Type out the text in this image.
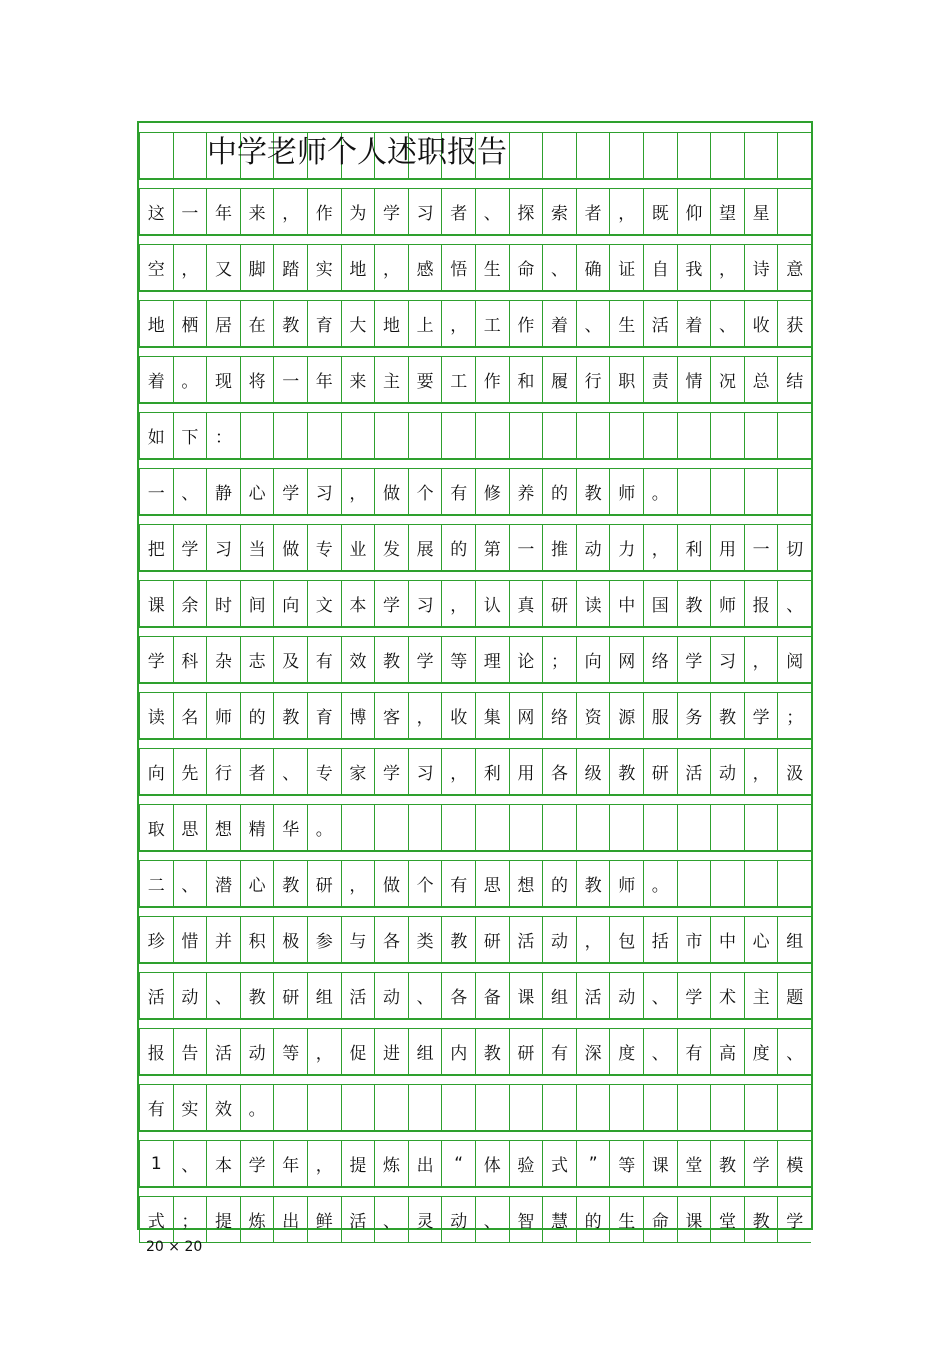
中学老师个人述职报告
这 一 年 来 ， 作 为 学 习 者 、 探 索 者 ， 既 仰 望 星
空 ， 又 脚 踏 实 地 ， 感 悟 生 命 、 确 证 自 我 ， 诗 意
地 栖 居 在 教 育 大 地 上 ， 工 作 着 、 生 活 着 、 收 获
着 。 现 将 一 年 来 主 要 工 作 和 履 行 职 责 情 况 总 结
如 下 ：
一 、 静 心 学 习 ， 做 个 有 修 养 的 教 师 。
把 学 习 当 做 专 业 发 展 的 第 一 推 动 力 ， 利 用 一 切
课 余 时 间 向 文 本 学 习 ， 认 真 研 读 中 国 教 师 报 、
学 科 杂 志 及 有 效 教 学 等 理 论 ； 向 网 络 学 习 ， 阅
读 名 师 的 教 育 博 客 ， 收 集 网 络 资 源 服 务 教 学 ；
向 先 行 者 、 专 家 学 习 ， 利 用 各 级 教 研 活 动 ， 汲
取 思 想 精 华 。
二 、 潜 心 教 研 ， 做 个 有 思 想 的 教 师 。
珍 惜 并 积 极 参 与 各 类 教 研 活 动 ， 包 括 市 中 心 组
活 动 、 教 研 组 活 动 、 各 备 课 组 活 动 、 学 术 主 题
报 告 活 动 等 ， 促 进 组 内 教 研 有 深 度 、 有 高 度 、
有 实 效 。
1	、 本 学 年 ， 提 炼 出	“	体 验 式	”	等 课 堂 教 学 模
式 ； 提 炼 出 鲜 活 、 灵 动 、 智 慧 的 生 命 课 堂 教 学
20 × 20
